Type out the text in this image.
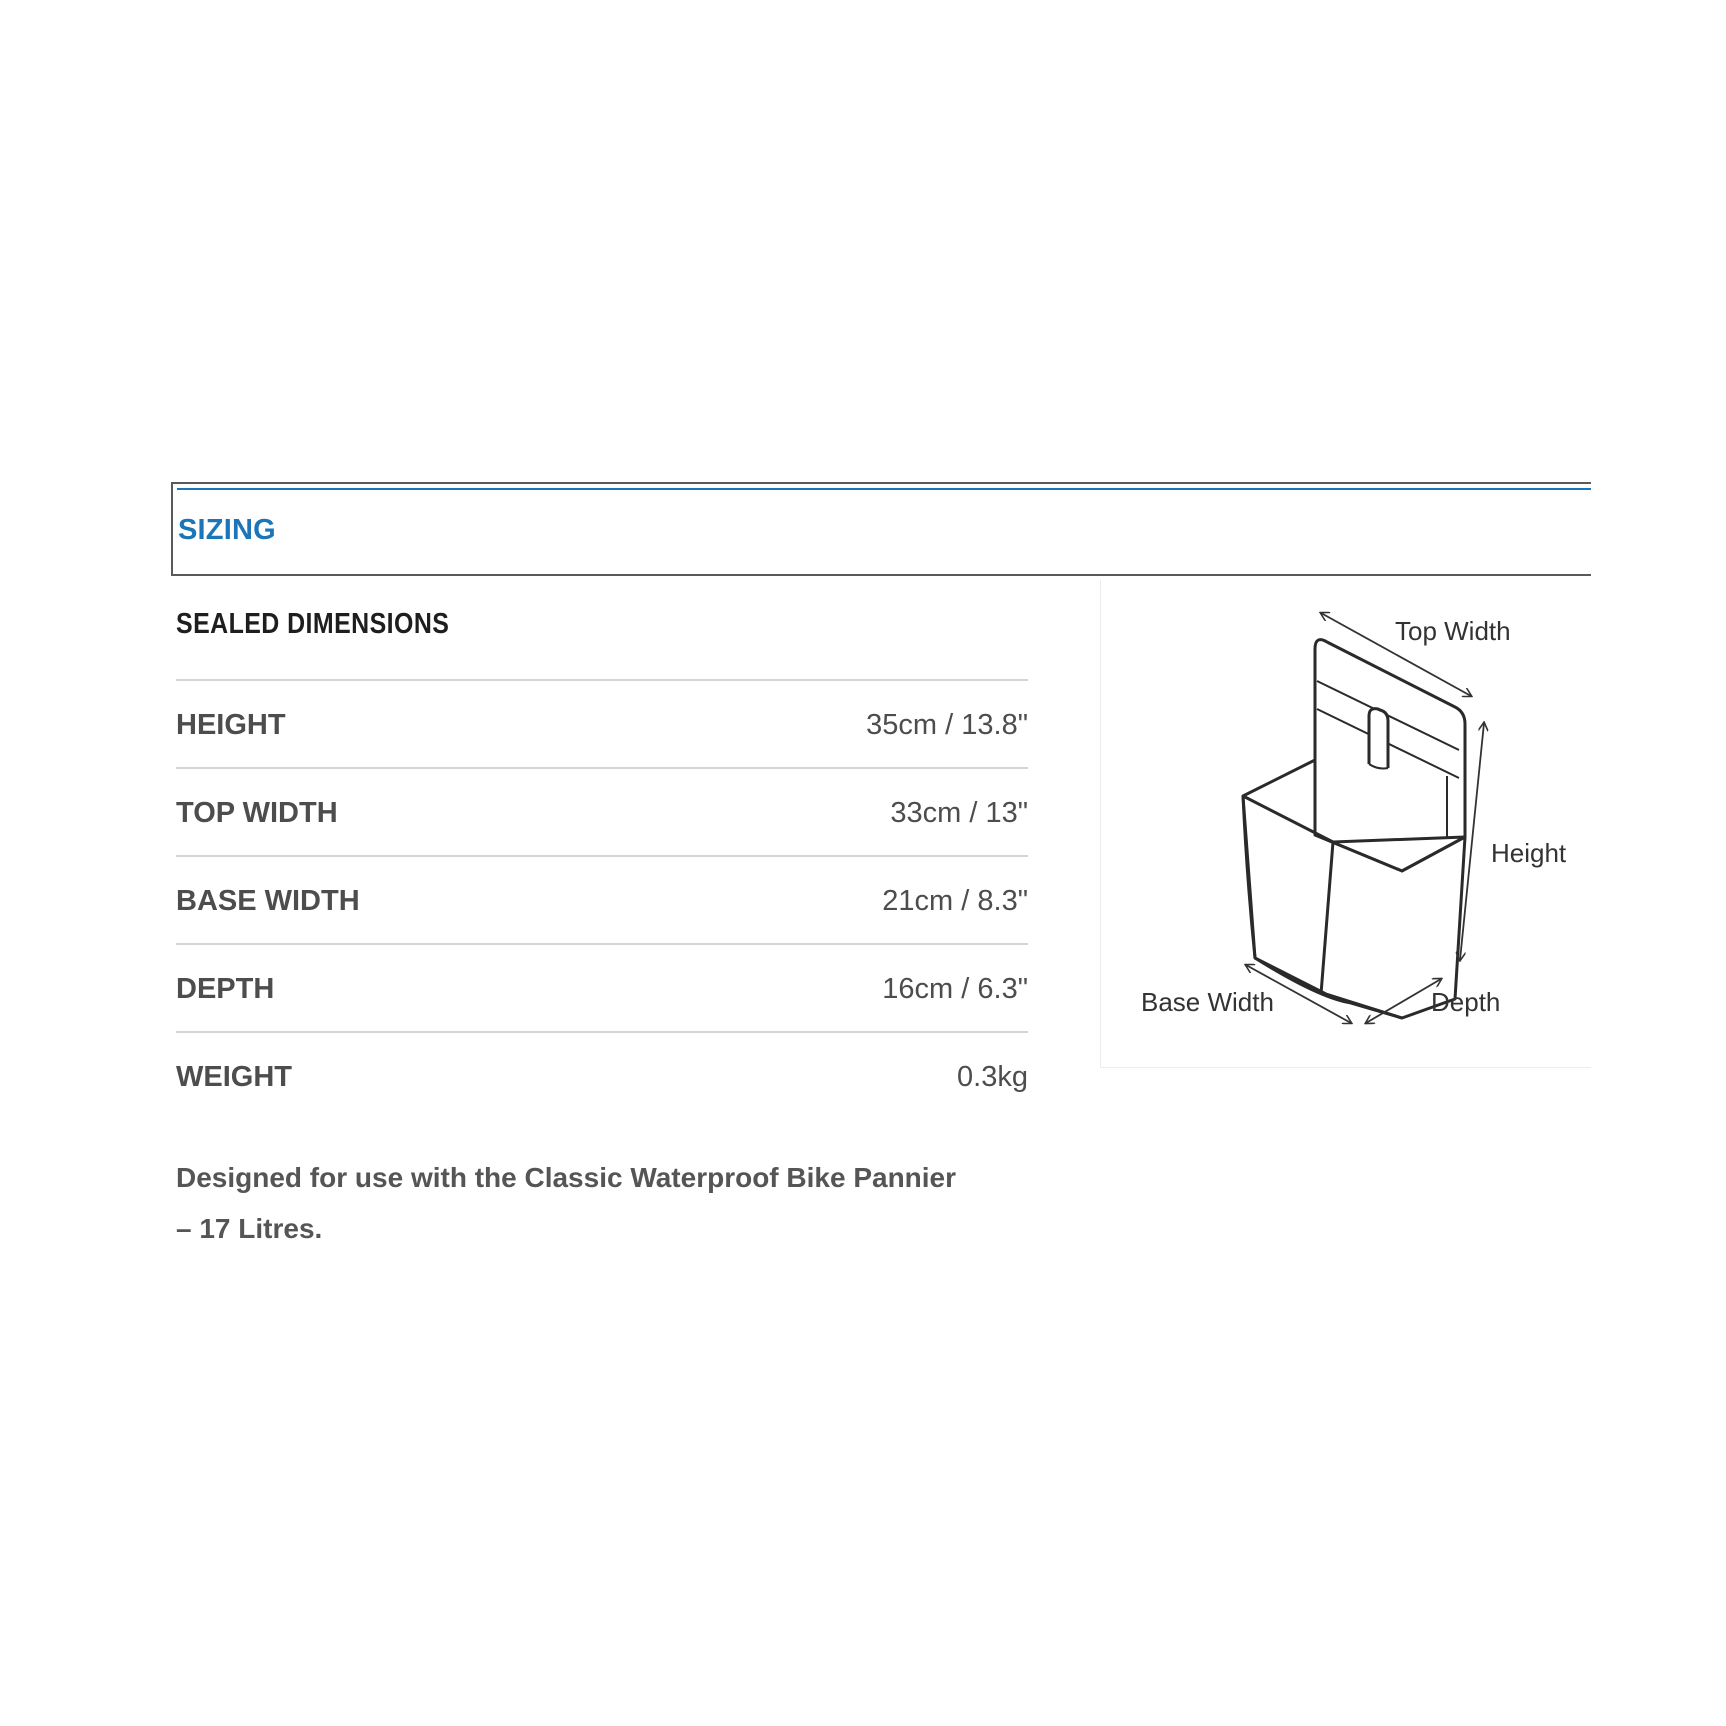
SIZING
SEALED DIMENSIONS
HEIGHT	35cm / 13.8"
TOP WIDTH	33cm / 13"
BASE WIDTH	21cm / 8.3"
DEPTH	16cm / 6.3"
WEIGHT	0.3kg
Designed for use with the Classic Waterproof Bike Pannier
– 17 Litres.
Top Width
Height
Base Width	Depth
